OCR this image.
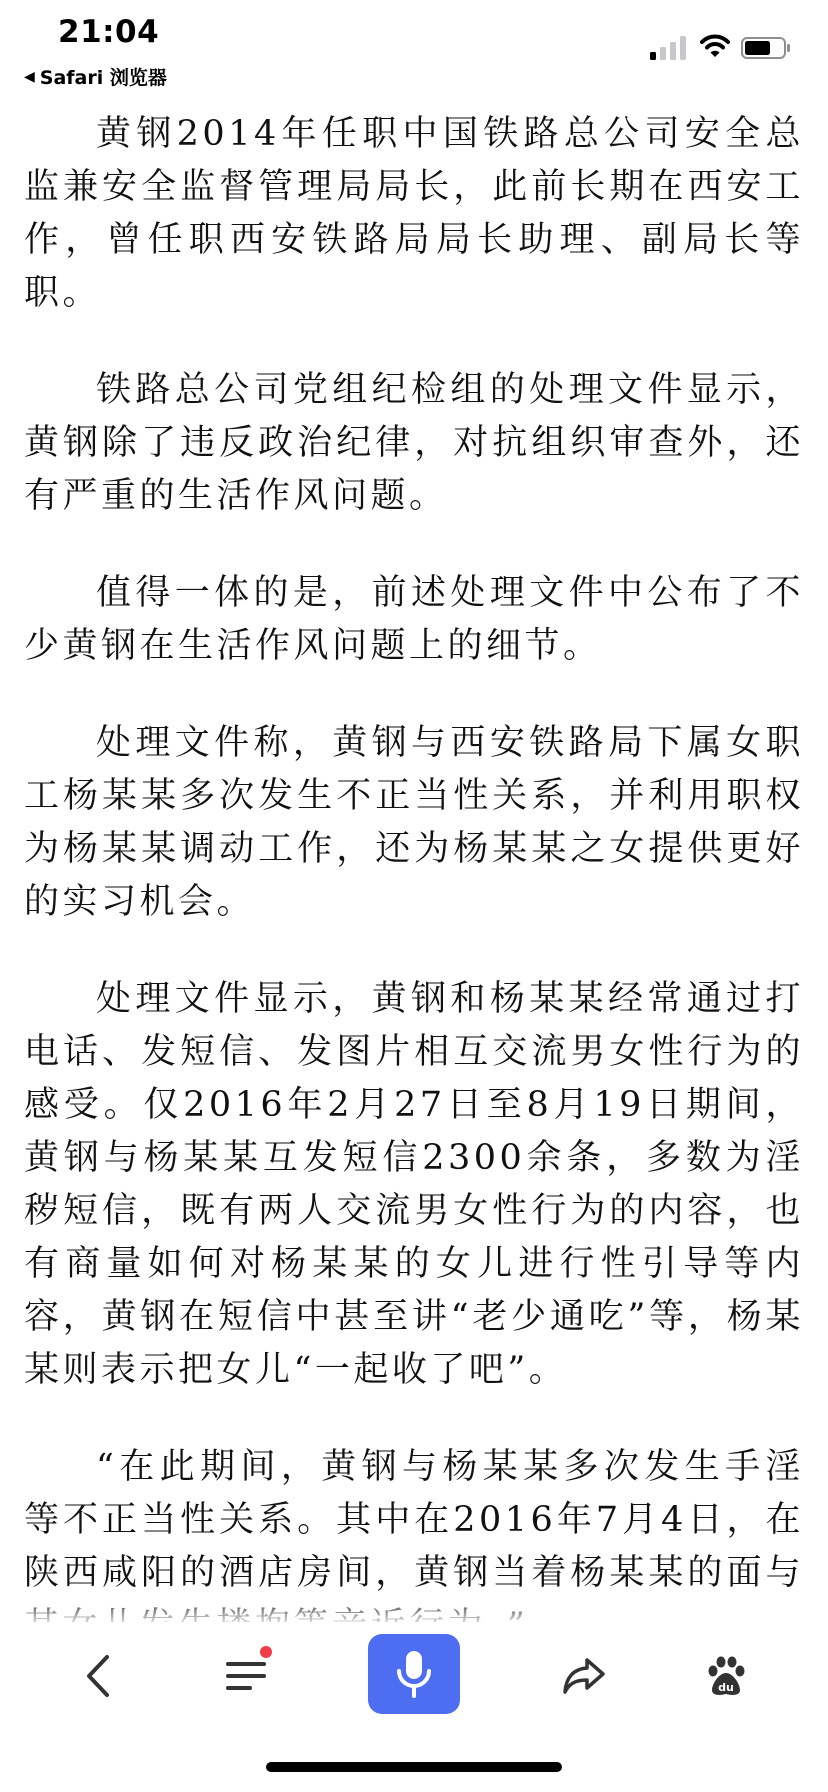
21:04
◀ Safari 浏览器

黄钢2014年任职中国铁路总公司安全总监兼安全监督管理局局长，此前长期在西安工作，曾任职西安铁路局局长助理、副局长等职。

铁路总公司党组纪检组的处理文件显示，黄钢除了违反政治纪律，对抗组织审查外，还有严重的生活作风问题。

值得一体的是，前述处理文件中公布了不少黄钢在生活作风问题上的细节。

处理文件称，黄钢与西安铁路局下属女职工杨某某多次发生不正当性关系，并利用职权为杨某某调动工作，还为杨某某之女提供更好的实习机会。

处理文件显示，黄钢和杨某某经常通过打电话、发短信、发图片相互交流男女性行为的感受。仅2016年2月27日至8月19日期间，黄钢与杨某某互发短信2300余条，多数为淫秽短信，既有两人交流男女性行为的内容，也有商量如何对杨某某的女儿进行性引导等内容，黄钢在短信中甚至讲“老少通吃”等，杨某某则表示把女儿“一起收了吧”。

“在此期间，黄钢与杨某某多次发生手淫等不正当性关系。其中在2016年7月4日，在陕西咸阳的酒店房间，黄钢当着杨某某的面与

du
